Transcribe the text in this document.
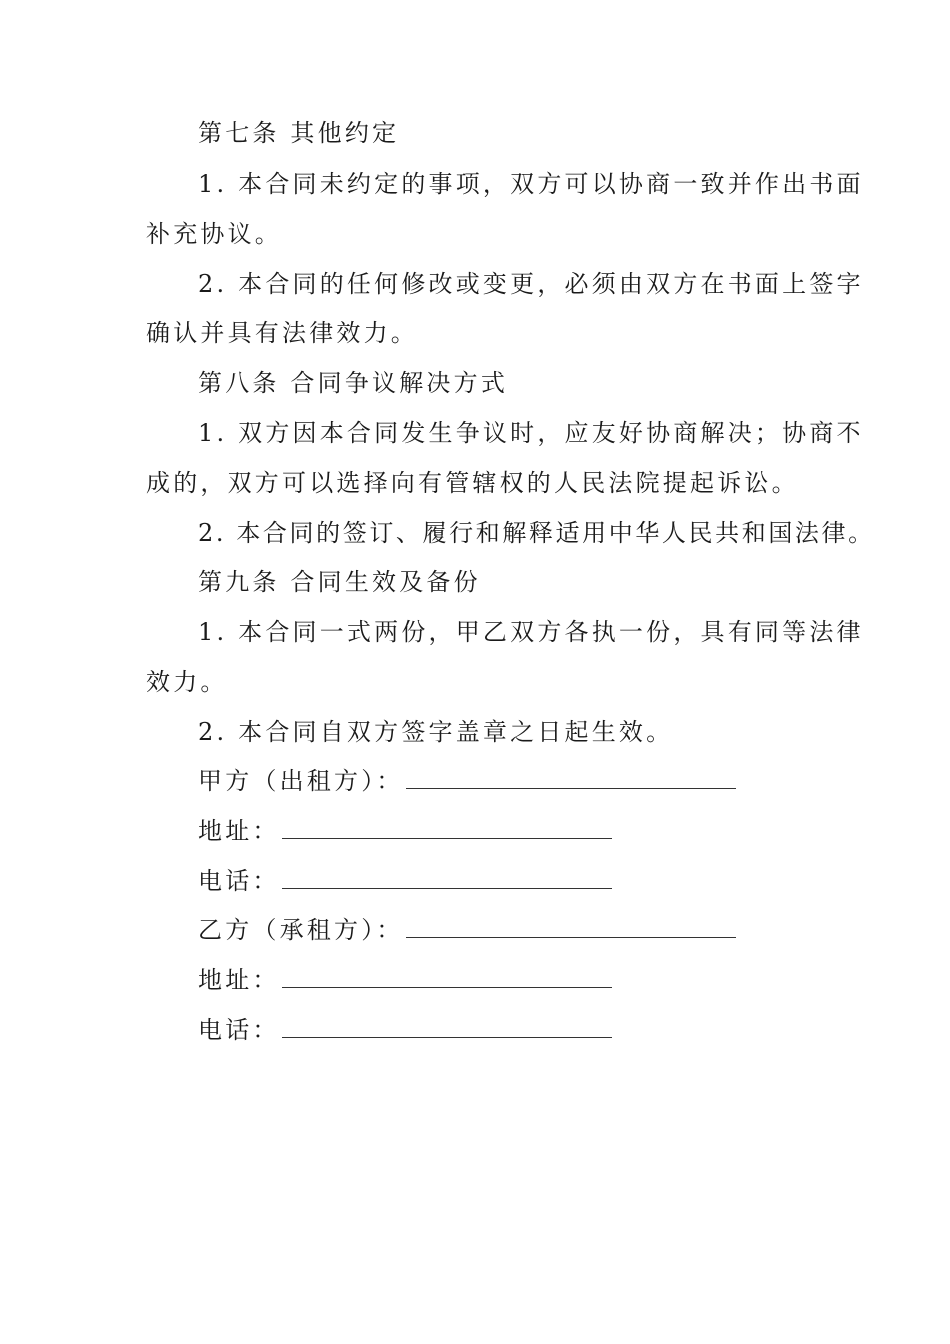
第七条 其他约定
1. 本合同未约定的事项，双方可以协商一致并作出书面
补充协议。
2. 本合同的任何修改或变更，必须由双方在书面上签字
确认并具有法律效力。
第八条 合同争议解决方式
1. 双方因本合同发生争议时，应友好协商解决；协商不
成的，双方可以选择向有管辖权的人民法院提起诉讼。
2. 本合同的签订、履行和解释适用中华人民共和国法律。
第九条 合同生效及备份
1. 本合同一式两份，甲乙双方各执一份，具有同等法律
效力。
2. 本合同自双方签字盖章之日起生效。
甲方（出租方）：
地址：
电话：
乙方（承租方）：
地址：
电话：
